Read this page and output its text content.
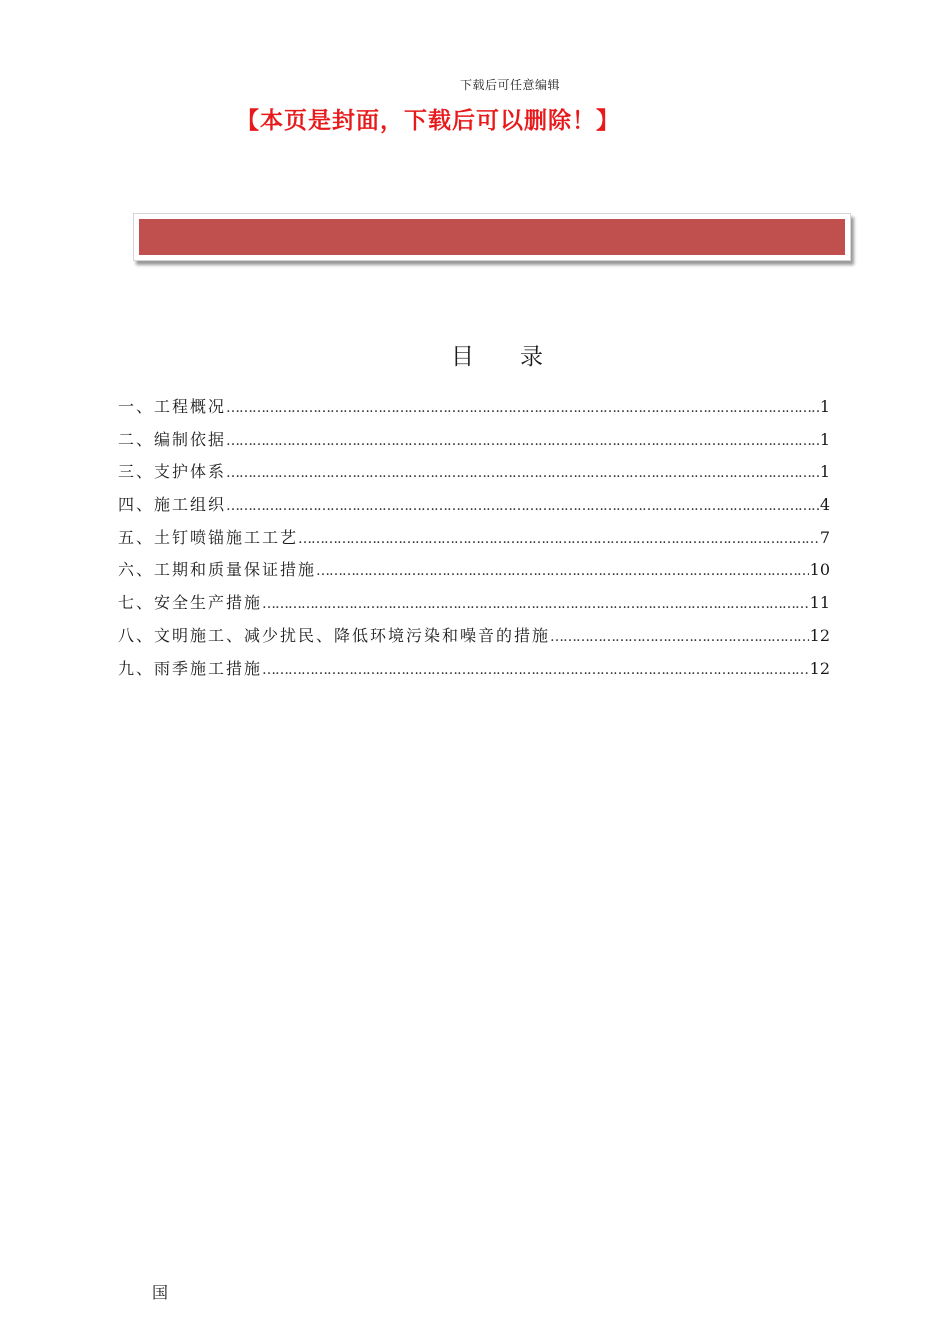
下载后可任意编辑
【本页是封面，下载后可以删除！】
目录
一、工程概况 …………………………………………………………………………………………………………………………………………………………………………	1
二、编制依据 …………………………………………………………………………………………………………………………………………………………………………	1
三、支护体系 …………………………………………………………………………………………………………………………………………………………………………	1
四、施工组织 …………………………………………………………………………………………………………………………………………………………………………	4
五、土钉喷锚施工工艺 …………………………………………………………………………………………………………………………………………………………………………	7
六、工期和质量保证措施 …………………………………………………………………………………………………………………………………………………………………………	10
七、安全生产措施 …………………………………………………………………………………………………………………………………………………………………………	11
八、文明施工、减少扰民、降低环境污染和噪音的措施 …………………………………………………………………………………………………………………………………………………………………………	12
九、雨季施工措施 …………………………………………………………………………………………………………………………………………………………………………	12
国
